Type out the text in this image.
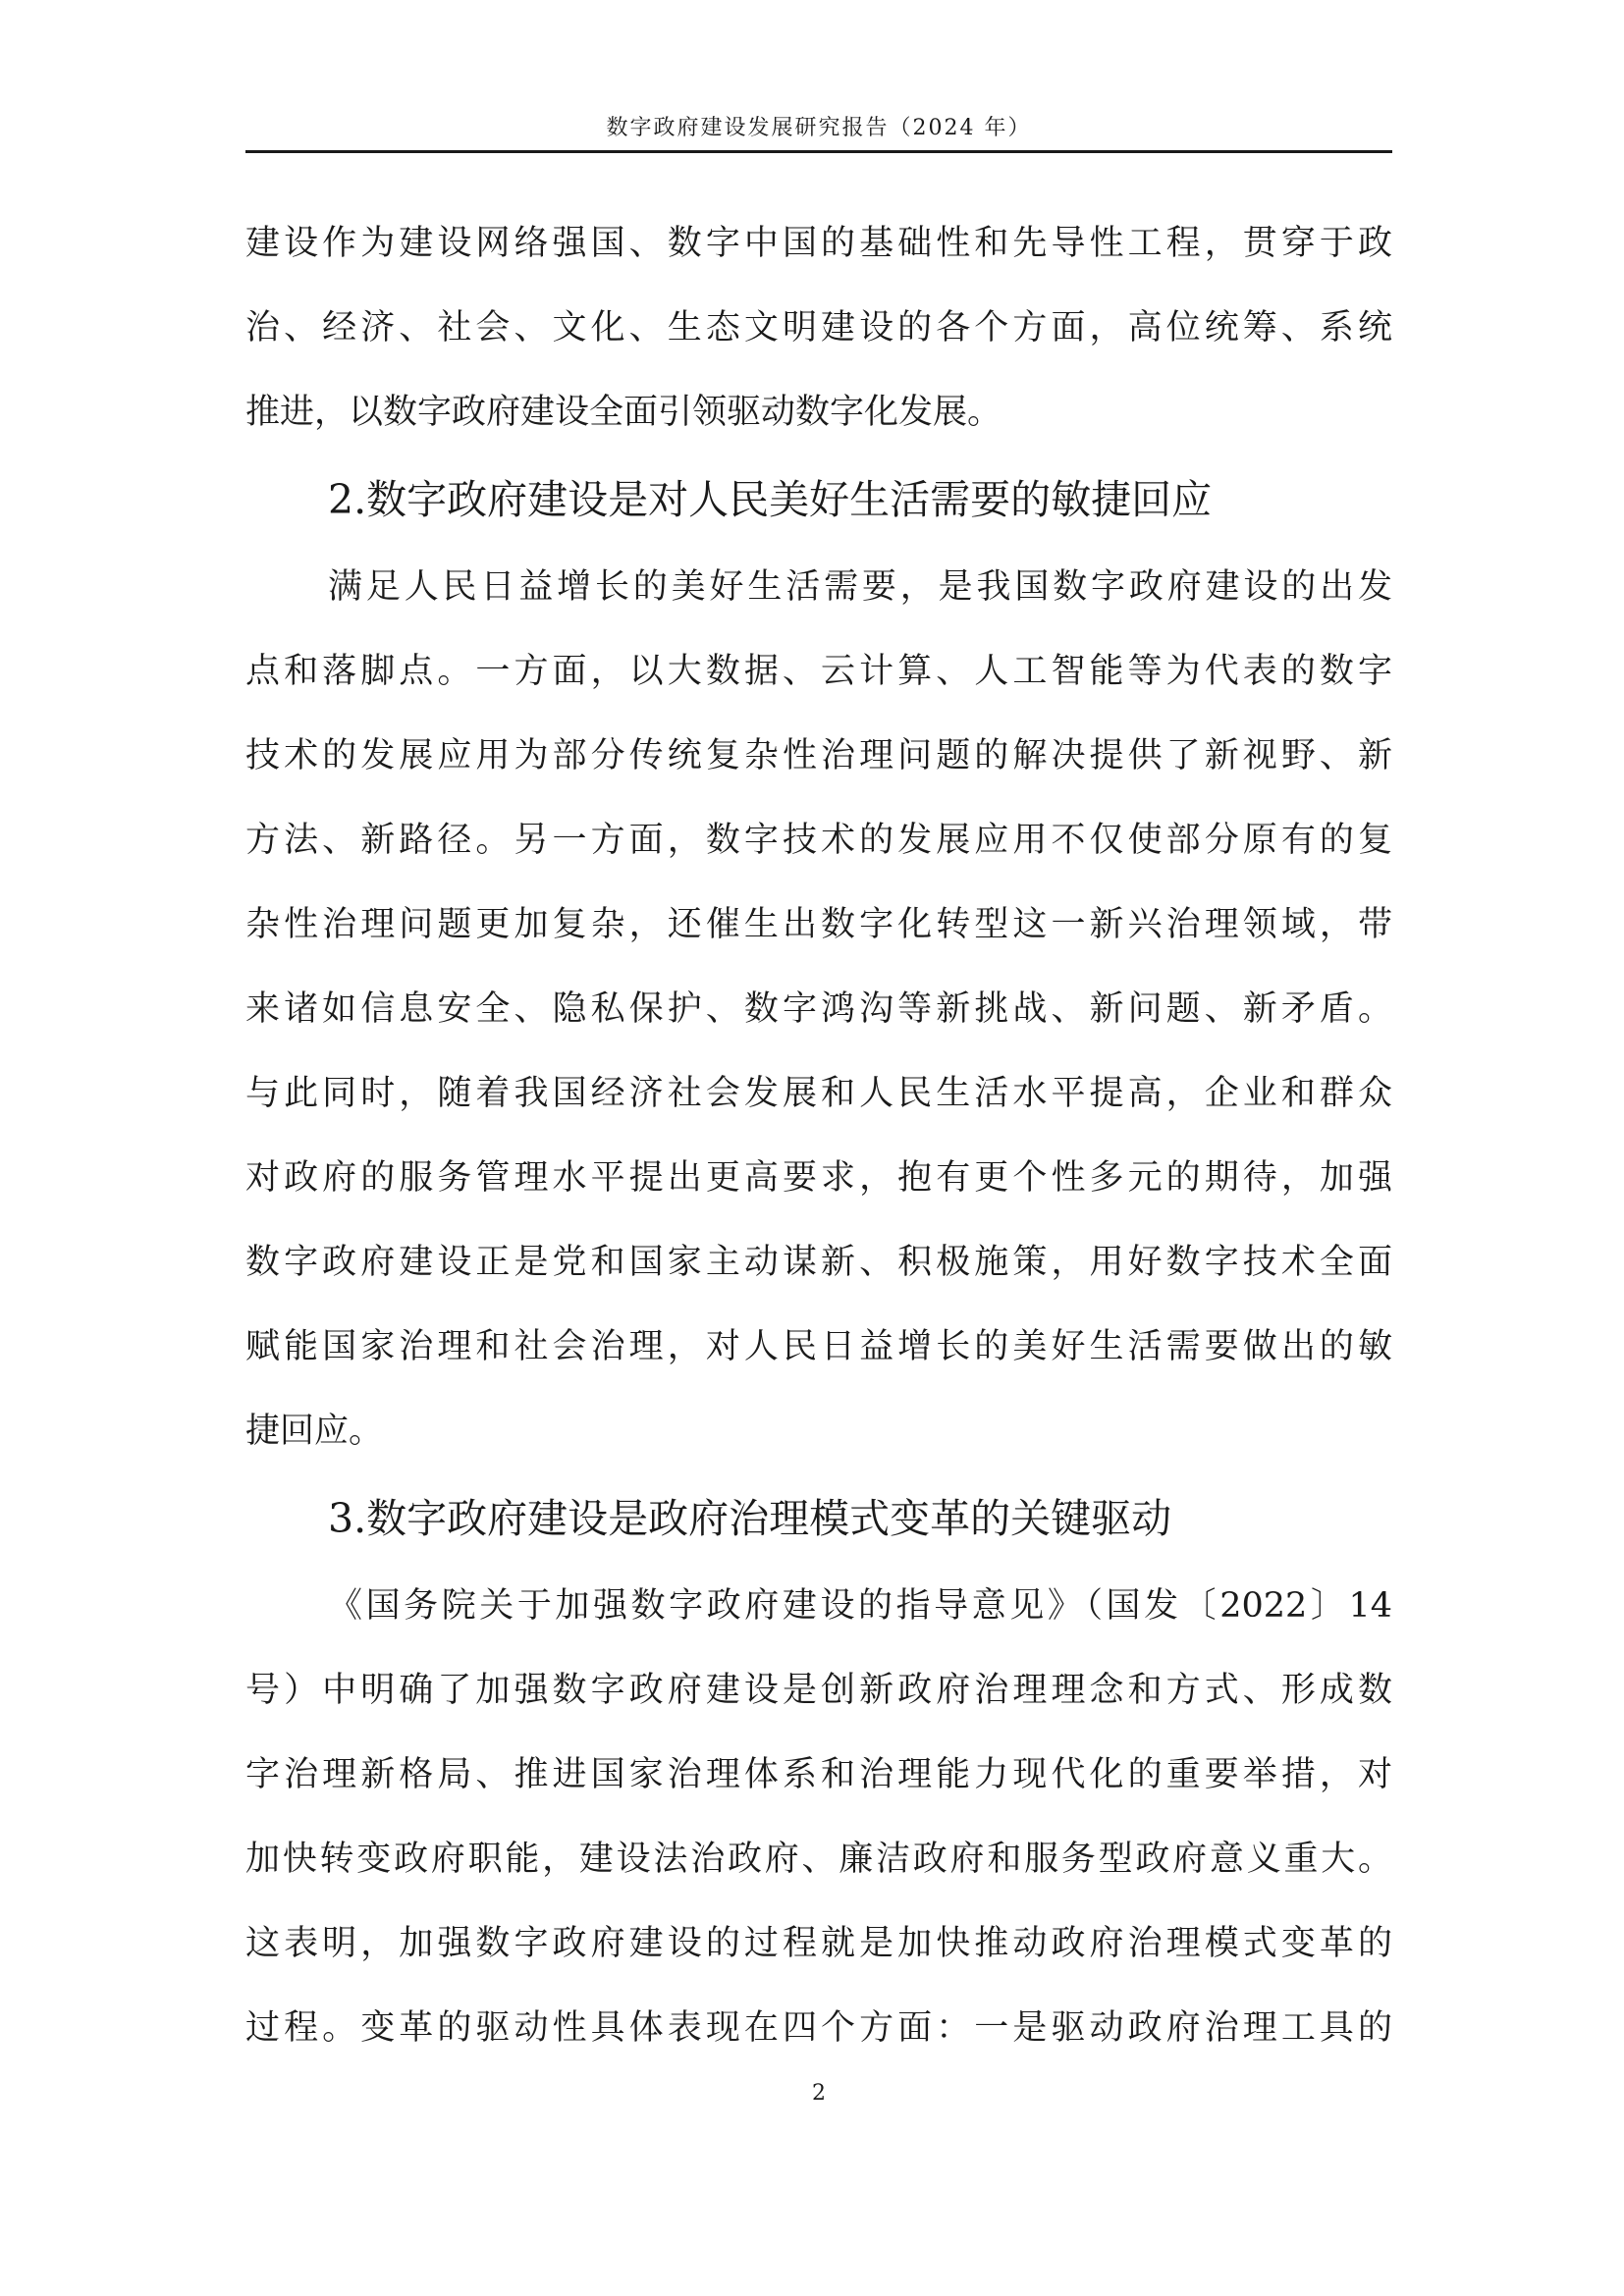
数字政府建设发展研究报告（2024 年）
建设作为建设网络强国、数字中国的基础性和先导性工程，贯穿于政
治、经济、社会、文化、生态文明建设的各个方面，高位统筹、系统
推进，以数字政府建设全面引领驱动数字化发展。
2.数字政府建设是对人民美好生活需要的敏捷回应
满足人民日益增长的美好生活需要，是我国数字政府建设的出发
点和落脚点。一方面，以大数据、云计算、人工智能等为代表的数字
技术的发展应用为部分传统复杂性治理问题的解决提供了新视野、新
方法、新路径。另一方面，数字技术的发展应用不仅使部分原有的复
杂性治理问题更加复杂，还催生出数字化转型这一新兴治理领域，带
来诸如信息安全、隐私保护、数字鸿沟等新挑战、新问题、新矛盾。
与此同时，随着我国经济社会发展和人民生活水平提高，企业和群众
对政府的服务管理水平提出更高要求，抱有更个性多元的期待，加强
数字政府建设正是党和国家主动谋新、积极施策，用好数字技术全面
赋能国家治理和社会治理，对人民日益增长的美好生活需要做出的敏
捷回应。
3.数字政府建设是政府治理模式变革的关键驱动
《国务院关于加强数字政府建设的指导意见》（国发〔2022〕14
号）中明确了加强数字政府建设是创新政府治理理念和方式、形成数
字治理新格局、推进国家治理体系和治理能力现代化的重要举措，对
加快转变政府职能，建设法治政府、廉洁政府和服务型政府意义重大。
这表明，加强数字政府建设的过程就是加快推动政府治理模式变革的
过程。变革的驱动性具体表现在四个方面：一是驱动政府治理工具的
2
